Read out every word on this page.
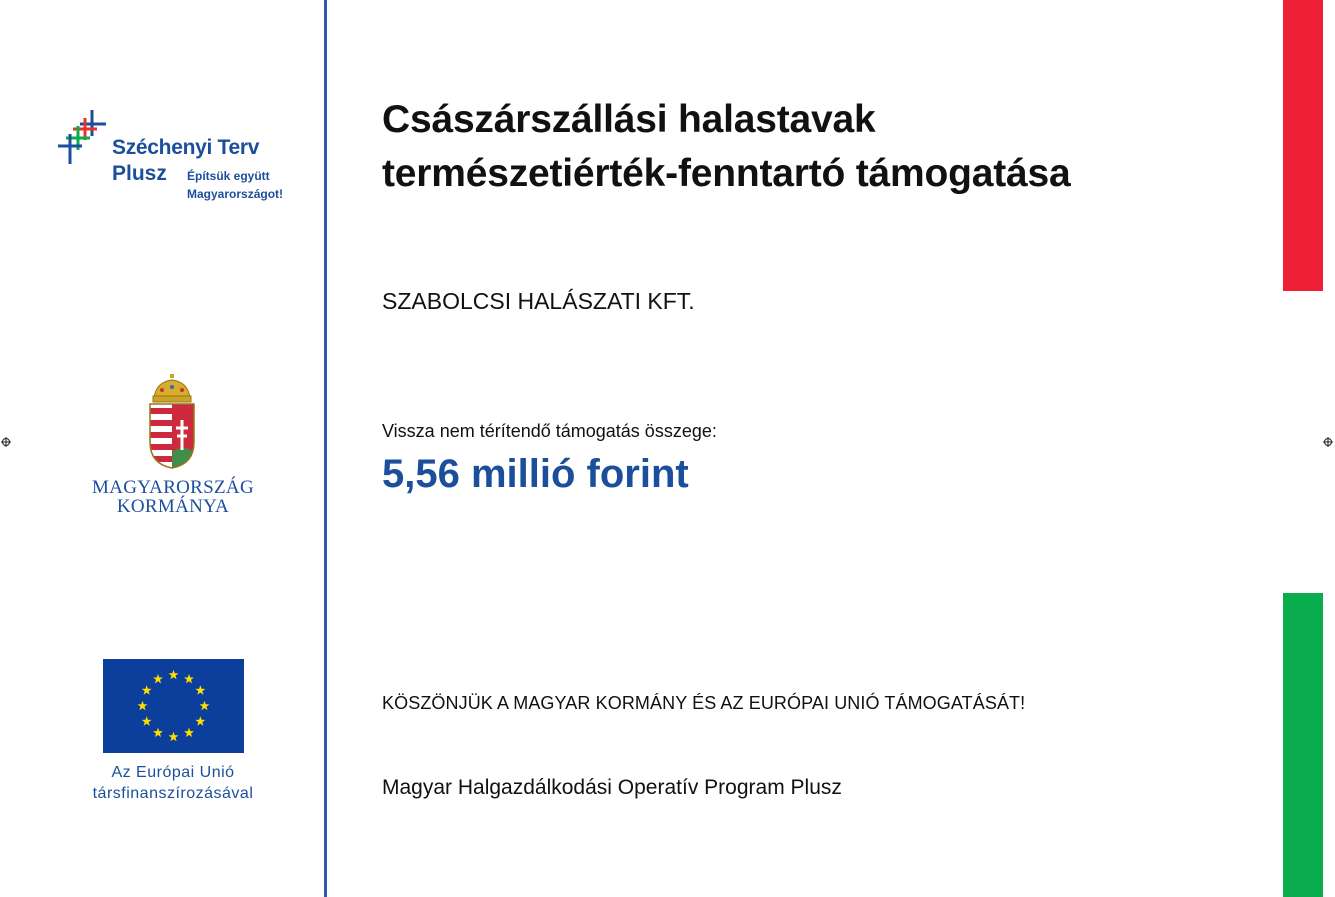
Széchenyi Terv
Plusz Építsük együtt
Magyarországot!
MAGYARORSZÁG
KORMÁNYA
Az Európai Unió
társfinanszírozásával
Császárszállási halastavak
természetiérték-fenntartó támogatása
SZABOLCSI HALÁSZATI KFT.
Vissza nem térítendő támogatás összege:
5,56 millió forint
KÖSZÖNJÜK A MAGYAR KORMÁNY ÉS AZ EURÓPAI UNIÓ TÁMOGATÁSÁT!
Magyar Halgazdálkodási Operatív Program Plusz
